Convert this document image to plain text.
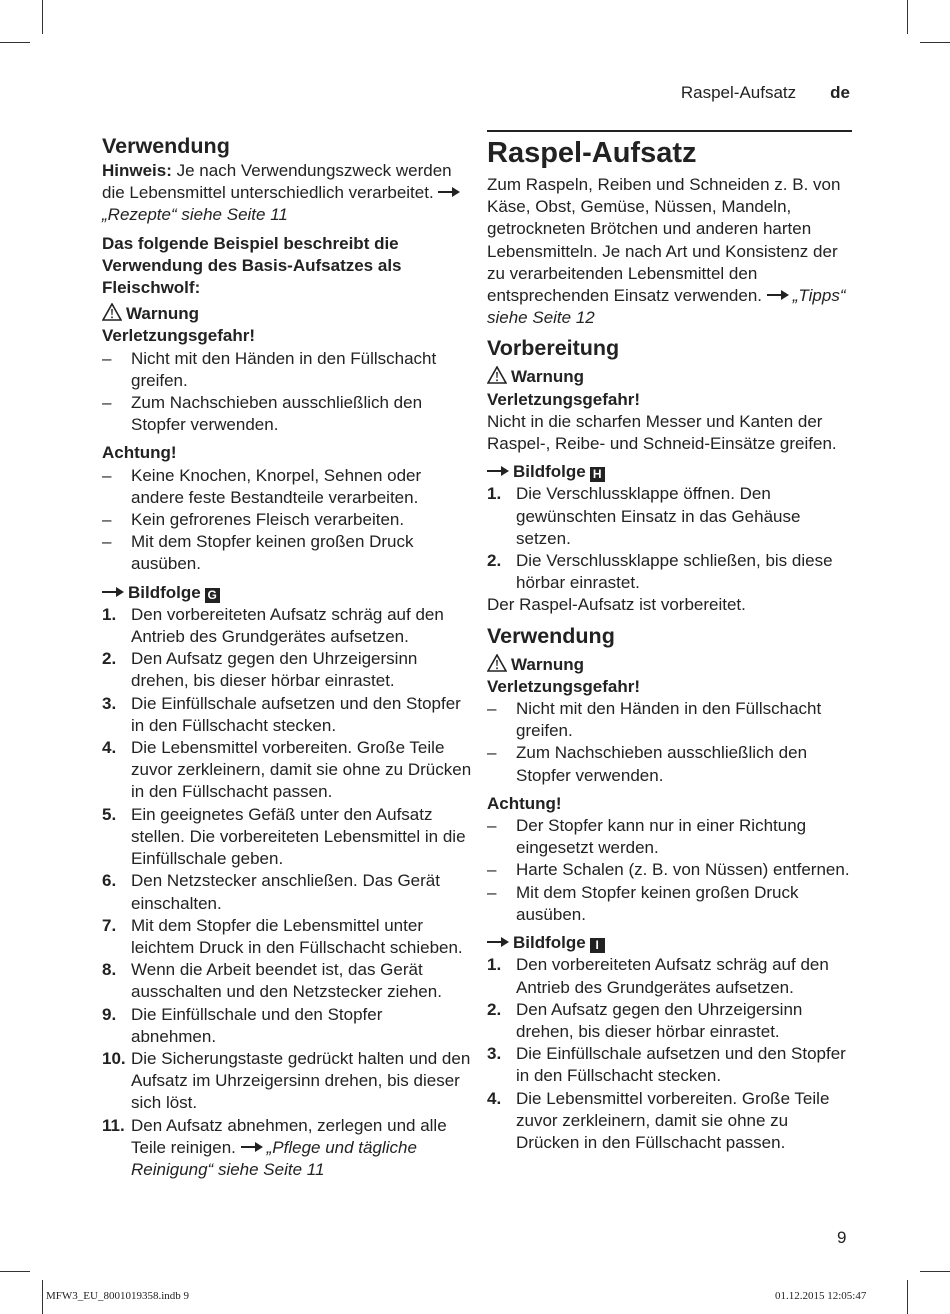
Raspel-Aufsatz de
Verwendung

Hinweis: Je nach Verwendungszweck werden die Lebensmittel unterschiedlich verarbeitet. „Rezepte“ siehe Seite 11

Das folgende Beispiel beschreibt die Verwendung des Basis-Aufsatzes als Fleischwolf:

Warnung
Verletzungsgefahr!
– Nicht mit den Händen in den Füllschacht greifen.
– Zum Nachschieben ausschließlich den Stopfer verwenden.
Achtung!
– Keine Knochen, Knorpel, Sehnen oder andere feste Bestandteile verarbeiten.
– Kein gefrorenes Fleisch verarbeiten.
– Mit dem Stopfer keinen großen Druck ausüben.
Bildfolge G
1. Den vorbereiteten Aufsatz schräg auf den Antrieb des Grundgerätes aufsetzen.
2. Den Aufsatz gegen den Uhrzeigersinn drehen, bis dieser hörbar einrastet.
3. Die Einfüllschale aufsetzen und den Stopfer in den Füllschacht stecken.
4. Die Lebensmittel vorbereiten. Große Teile zuvor zerkleinern, damit sie ohne zu Drücken in den Füllschacht passen.
5. Ein geeignetes Gefäß unter den Aufsatz stellen. Die vorbereiteten Lebensmittel in die Einfüllschale geben.
6. Den Netzstecker anschließen. Das Gerät einschalten.
7. Mit dem Stopfer die Lebensmittel unter leichtem Druck in den Füllschacht schieben.
8. Wenn die Arbeit beendet ist, das Gerät ausschalten und den Netzstecker ziehen.
9. Die Einfüllschale und den Stopfer abnehmen.
10. Die Sicherungstaste gedrückt halten und den Aufsatz im Uhrzeigersinn drehen, bis dieser sich löst.
11. Den Aufsatz abnehmen, zerlegen und alle Teile reinigen. „Pflege und tägliche Reinigung“ siehe Seite 11
Raspel-Aufsatz

Zum Raspeln, Reiben und Schneiden z. B. von Käse, Obst, Gemüse, Nüssen, Mandeln, getrockneten Brötchen und anderen harten Lebensmitteln. Je nach Art und Konsistenz der zu verarbeitenden Lebensmittel den entsprechenden Einsatz verwenden. „Tipps“ siehe Seite 12

Vorbereitung
Warnung
Verletzungsgefahr!

Nicht in die scharfen Messer und Kanten der Raspel-, Reibe- und Schneid-Einsätze greifen.

Bildfolge H
1. Die Verschlussklappe öffnen. Den gewünschten Einsatz in das Gehäuse setzen.
2. Die Verschlussklappe schließen, bis diese hörbar einrastet.

Der Raspel-Aufsatz ist vorbereitet.

Verwendung
Warnung
Verletzungsgefahr!
– Nicht mit den Händen in den Füllschacht greifen.
– Zum Nachschieben ausschließlich den Stopfer verwenden.
Achtung!
– Der Stopfer kann nur in einer Richtung eingesetzt werden.
– Harte Schalen (z. B. von Nüssen) entfernen.
– Mit dem Stopfer keinen großen Druck ausüben.
Bildfolge I
1. Den vorbereiteten Aufsatz schräg auf den Antrieb des Grundgerätes aufsetzen.
2. Den Aufsatz gegen den Uhrzeigersinn drehen, bis dieser hörbar einrastet.
3. Die Einfüllschale aufsetzen und den Stopfer in den Füllschacht stecken.
4. Die Lebensmittel vorbereiten. Große Teile zuvor zerkleinern, damit sie ohne zu Drücken in den Füllschacht passen.
9
MFW3_EU_8001019358.indb 9	01.12.2015 12:05:47
